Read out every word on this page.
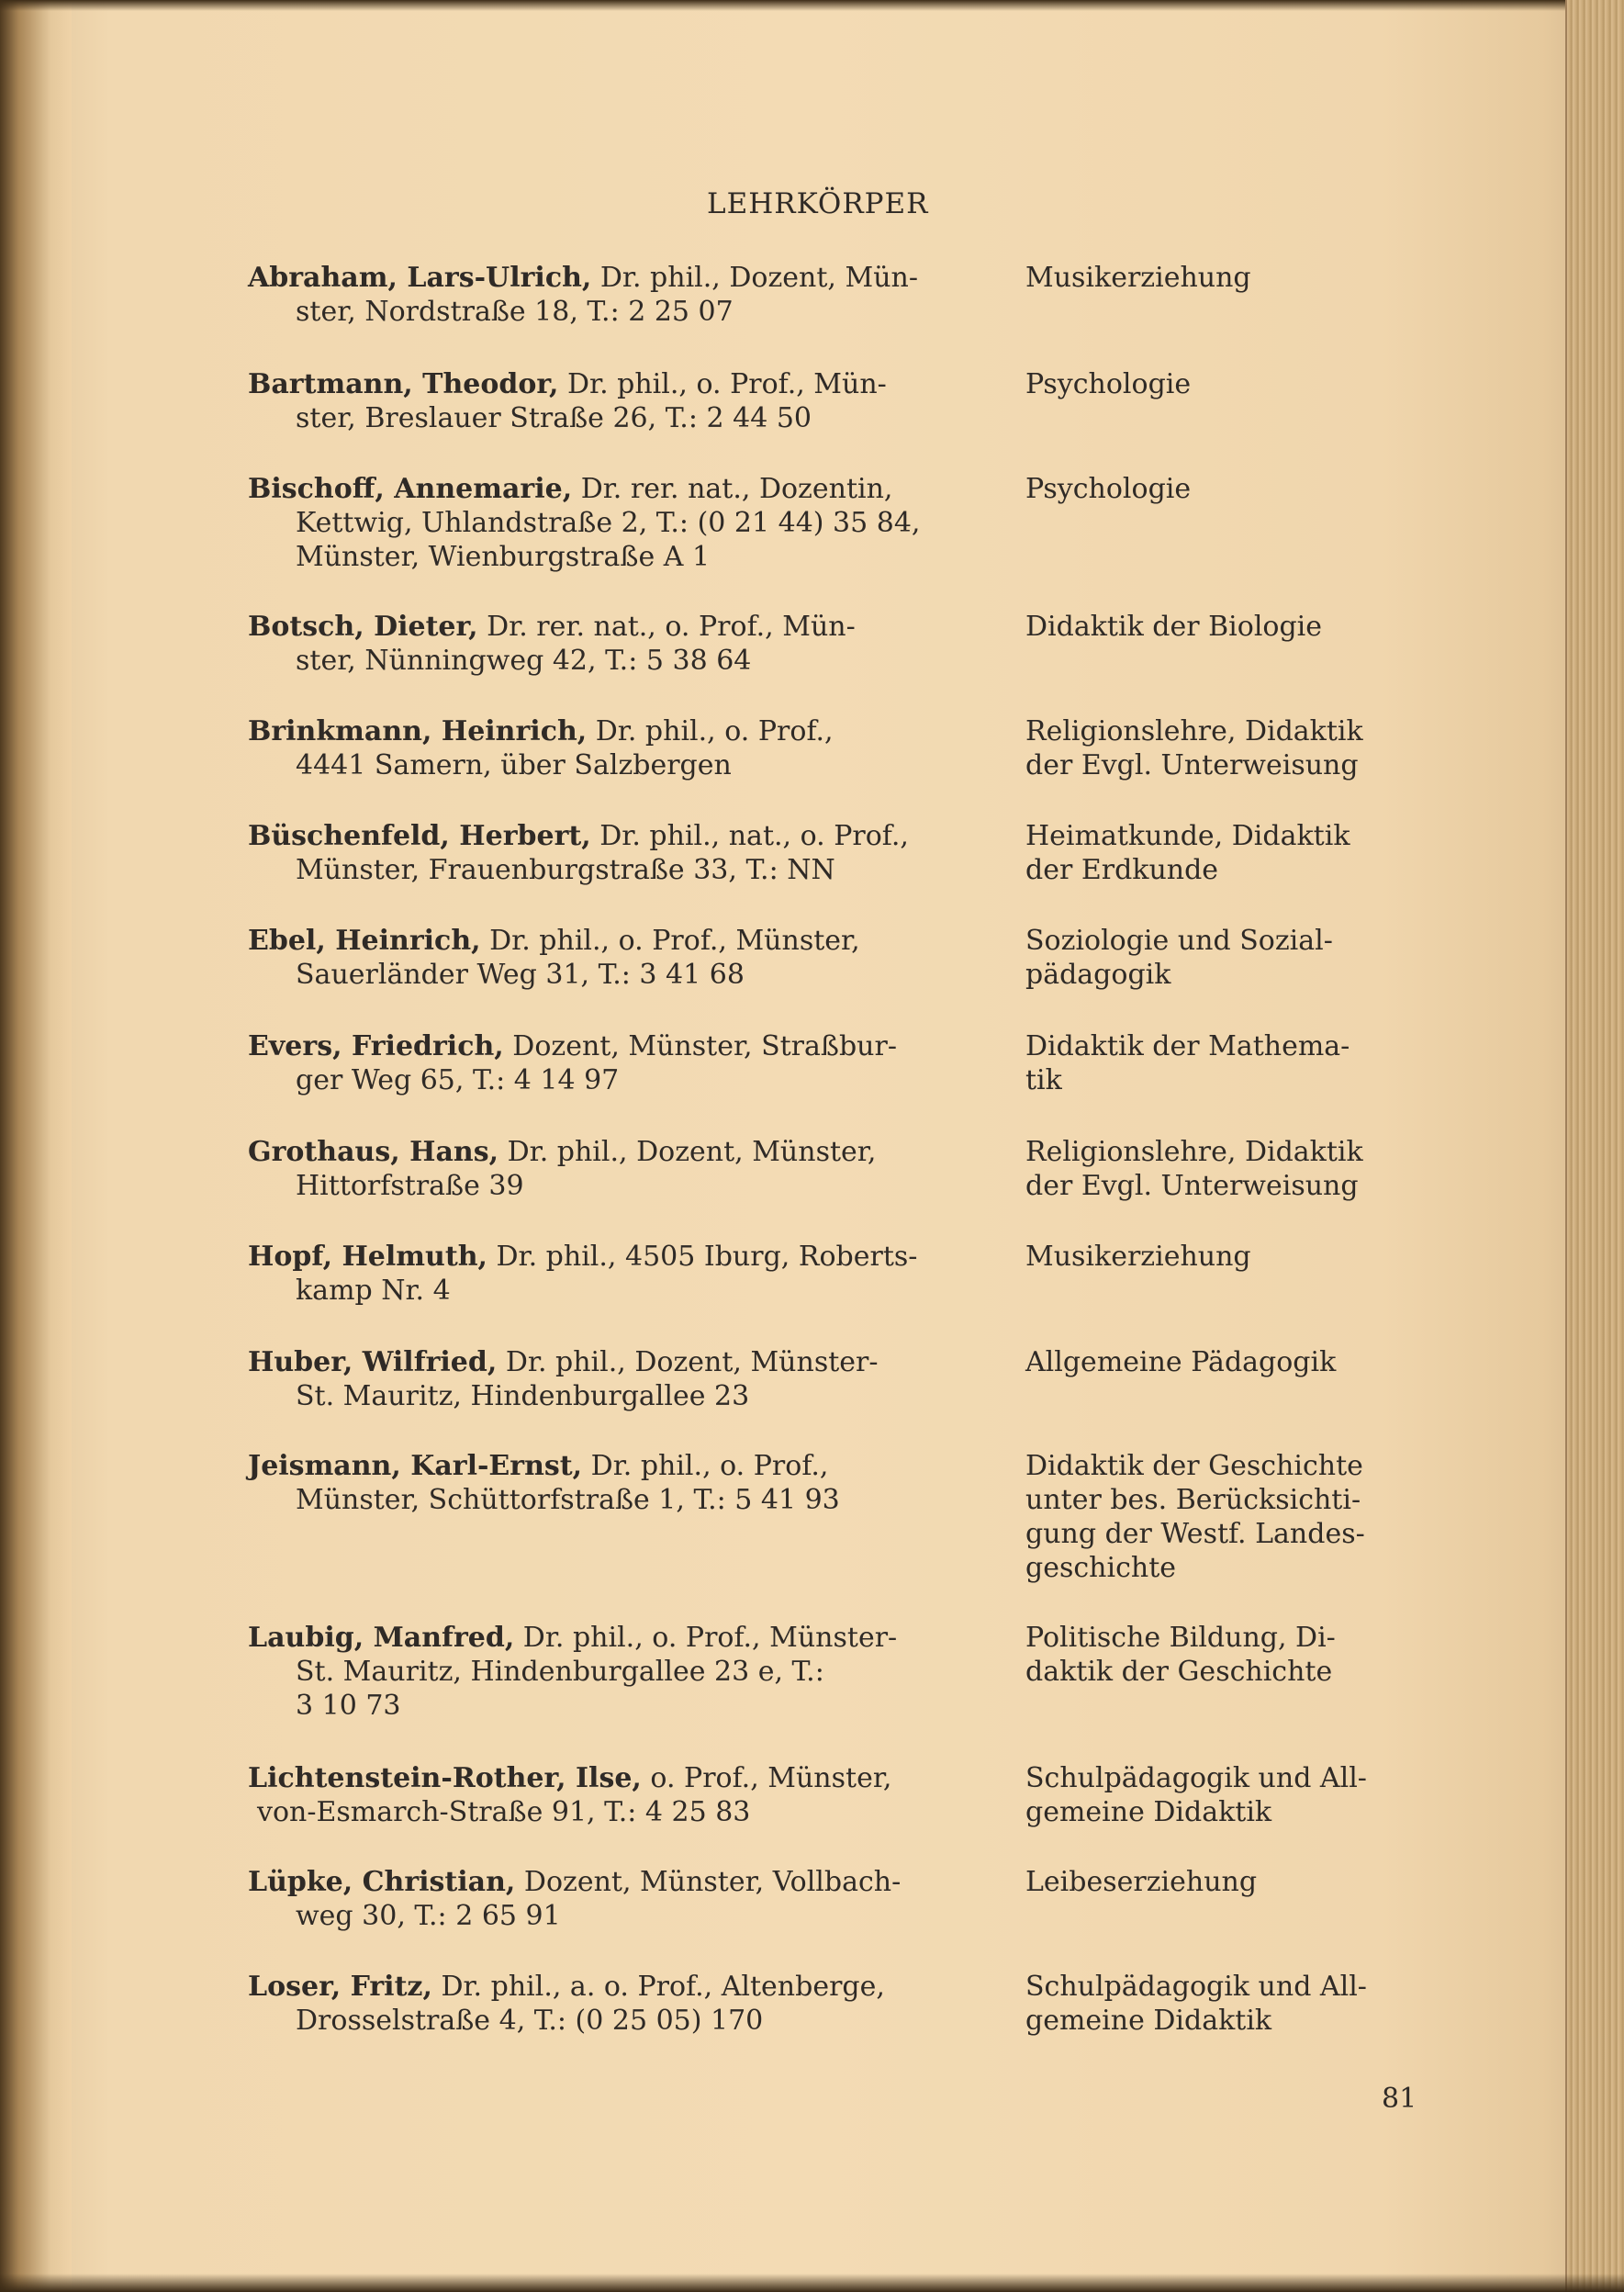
LEHRKÖRPER
Abraham, Lars-Ulrich, Dr. phil., Dozent, Mün-
ster, Nordstraße 18, T.: 2 25 07
Musikerziehung
Bartmann, Theodor, Dr. phil., o. Prof., Mün-
ster, Breslauer Straße 26, T.: 2 44 50
Psychologie
Bischoff, Annemarie, Dr. rer. nat., Dozentin,
Kettwig, Uhlandstraße 2, T.: (0 21 44) 35 84,
Münster, Wienburgstraße A 1
Psychologie
Botsch, Dieter, Dr. rer. nat., o. Prof., Mün-
ster, Nünningweg 42, T.: 5 38 64
Didaktik der Biologie
Brinkmann, Heinrich, Dr. phil., o. Prof.,
4441 Samern, über Salzbergen
Religionslehre, Didaktik
der Evgl. Unterweisung
Büschenfeld, Herbert, Dr. phil., nat., o. Prof.,
Münster, Frauenburgstraße 33, T.: NN
Heimatkunde, Didaktik
der Erdkunde
Ebel, Heinrich, Dr. phil., o. Prof., Münster,
Sauerländer Weg 31, T.: 3 41 68
Soziologie und Sozial-
pädagogik
Evers, Friedrich, Dozent, Münster, Straßbur-
ger Weg 65, T.: 4 14 97
Didaktik der Mathema-
tik
Grothaus, Hans, Dr. phil., Dozent, Münster,
Hittorfstraße 39
Religionslehre, Didaktik
der Evgl. Unterweisung
Hopf, Helmuth, Dr. phil., 4505 Iburg, Roberts-
kamp Nr. 4
Musikerziehung
Huber, Wilfried, Dr. phil., Dozent, Münster-
St. Mauritz, Hindenburgallee 23
Allgemeine Pädagogik
Jeismann, Karl-Ernst, Dr. phil., o. Prof.,
Münster, Schüttorfstraße 1, T.: 5 41 93
Didaktik der Geschichte
unter bes. Berücksichti-
gung der Westf. Landes-
geschichte
Laubig, Manfred, Dr. phil., o. Prof., Münster-
St. Mauritz, Hindenburgallee 23 e, T.:
3 10 73
Politische Bildung, Di-
daktik der Geschichte
Lichtenstein-Rother, Ilse, o. Prof., Münster,
von-Esmarch-Straße 91, T.: 4 25 83
Schulpädagogik und All-
gemeine Didaktik
Lüpke, Christian, Dozent, Münster, Vollbach-
weg 30, T.: 2 65 91
Leibeserziehung
Loser, Fritz, Dr. phil., a. o. Prof., Altenberge,
Drosselstraße 4, T.: (0 25 05) 170
Schulpädagogik und All-
gemeine Didaktik
81
